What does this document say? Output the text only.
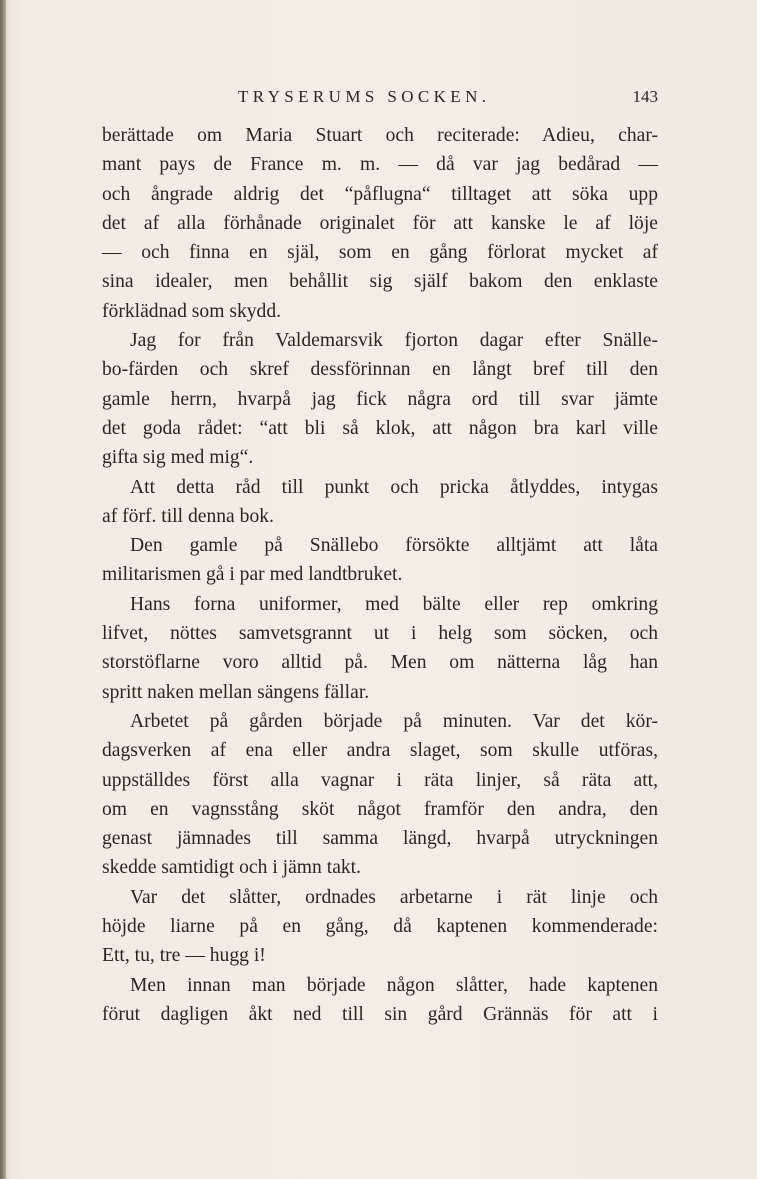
TRYSERUMS SOCKEN.	143
berättade om Maria Stuart och reciterade: Adieu, char-
mant pays de France m. m. — då var jag bedårad —
och ångrade aldrig det “påflugna“ tilltaget att söka upp
det af alla förhånade originalet för att kanske le af löje
— och finna en själ, som en gång förlorat mycket af
sina idealer, men behållit sig själf bakom den enklaste
förklädnad som skydd.
Jag for från Valdemarsvik fjorton dagar efter Snälle-
bo-färden och skref dessförinnan en långt bref till den
gamle herrn, hvarpå jag fick några ord till svar jämte
det goda rådet: “att bli så klok, att någon bra karl ville
gifta sig med mig“.
Att detta råd till punkt och pricka åtlyddes, intygas
af förf. till denna bok.
Den gamle på Snällebo försökte alltjämt att låta
militarismen gå i par med landtbruket.
Hans forna uniformer, med bälte eller rep omkring
lifvet, nöttes samvetsgrannt ut i helg som söcken, och
storstöflarne voro alltid på. Men om nätterna låg han
spritt naken mellan sängens fällar.
Arbetet på gården började på minuten. Var det kör-
dagsverken af ena eller andra slaget, som skulle utföras,
uppställdes först alla vagnar i räta linjer, så räta att,
om en vagnsstång sköt något framför den andra, den
genast jämnades till samma längd, hvarpå utryckningen
skedde samtidigt och i jämn takt.
Var det slåtter, ordnades arbetarne i rät linje och
höjde liarne på en gång, då kaptenen kommenderade:
Ett, tu, tre — hugg i!
Men innan man började någon slåtter, hade kaptenen
förut dagligen åkt ned till sin gård Grännäs för att i
